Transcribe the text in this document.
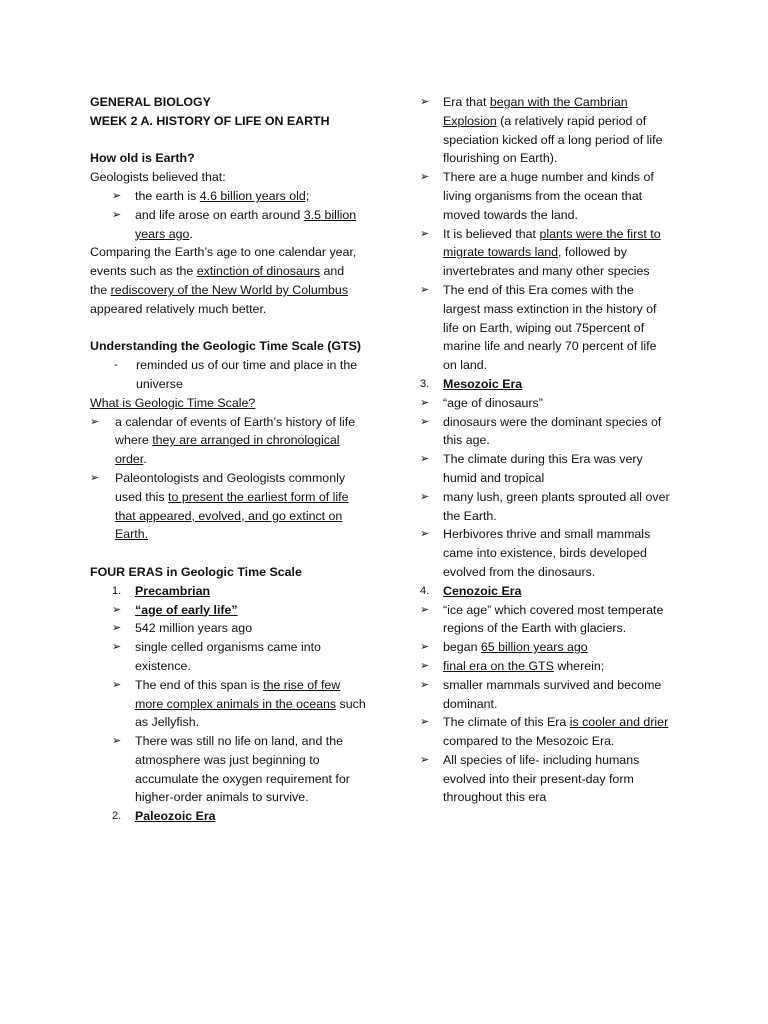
GENERAL BIOLOGY
WEEK 2 A. HISTORY OF LIFE ON EARTH
How old is Earth?
Geologists believed that:
➢ the earth is 4.6 billion years old;
➢ and life arose on earth around 3.5 billion
years ago.
Comparing the Earth’s age to one calendar year,
events such as the extinction of dinosaurs and
the rediscovery of the New World by Columbus
appeared relatively much better.
Understanding the Geologic Time Scale (GTS)
- reminded us of our time and place in the
universe
What is Geologic Time Scale?
➢ a calendar of events of Earth’s history of life
where they are arranged in chronological
order.
➢ Paleontologists and Geologists commonly
used this to present the earliest form of life
that appeared, evolved, and go extinct on
Earth.
FOUR ERAS in Geologic Time Scale
1. Precambrian
➢ “age of early life”
➢ 542 million years ago
➢ single celled organisms came into
existence.
➢ The end of this span is the rise of few
more complex animals in the oceans such
as Jellyfish.
➢ There was still no life on land, and the
atmosphere was just beginning to
accumulate the oxygen requirement for
higher-order animals to survive.
2. Paleozoic Era
➢ Era that began with the Cambrian
Explosion (a relatively rapid period of
speciation kicked off a long period of life
flourishing on Earth).
➢ There are a huge number and kinds of
living organisms from the ocean that
moved towards the land.
➢ It is believed that plants were the first to
migrate towards land, followed by
invertebrates and many other species
➢ The end of this Era comes with the
largest mass extinction in the history of
life on Earth, wiping out 75percent of
marine life and nearly 70 percent of life
on land.
3. Mesozoic Era
➢ “age of dinosaurs”
➢ dinosaurs were the dominant species of
this age.
➢ The climate during this Era was very
humid and tropical
➢ many lush, green plants sprouted all over
the Earth.
➢ Herbivores thrive and small mammals
came into existence, birds developed
evolved from the dinosaurs.
4. Cenozoic Era
➢ “ice age” which covered most temperate
regions of the Earth with glaciers.
➢ began 65 billion years ago
➢ final era on the GTS wherein;
➢ smaller mammals survived and become
dominant.
➢ The climate of this Era is cooler and drier
compared to the Mesozoic Era.
➢ All species of life- including humans
evolved into their present-day form
throughout this era
